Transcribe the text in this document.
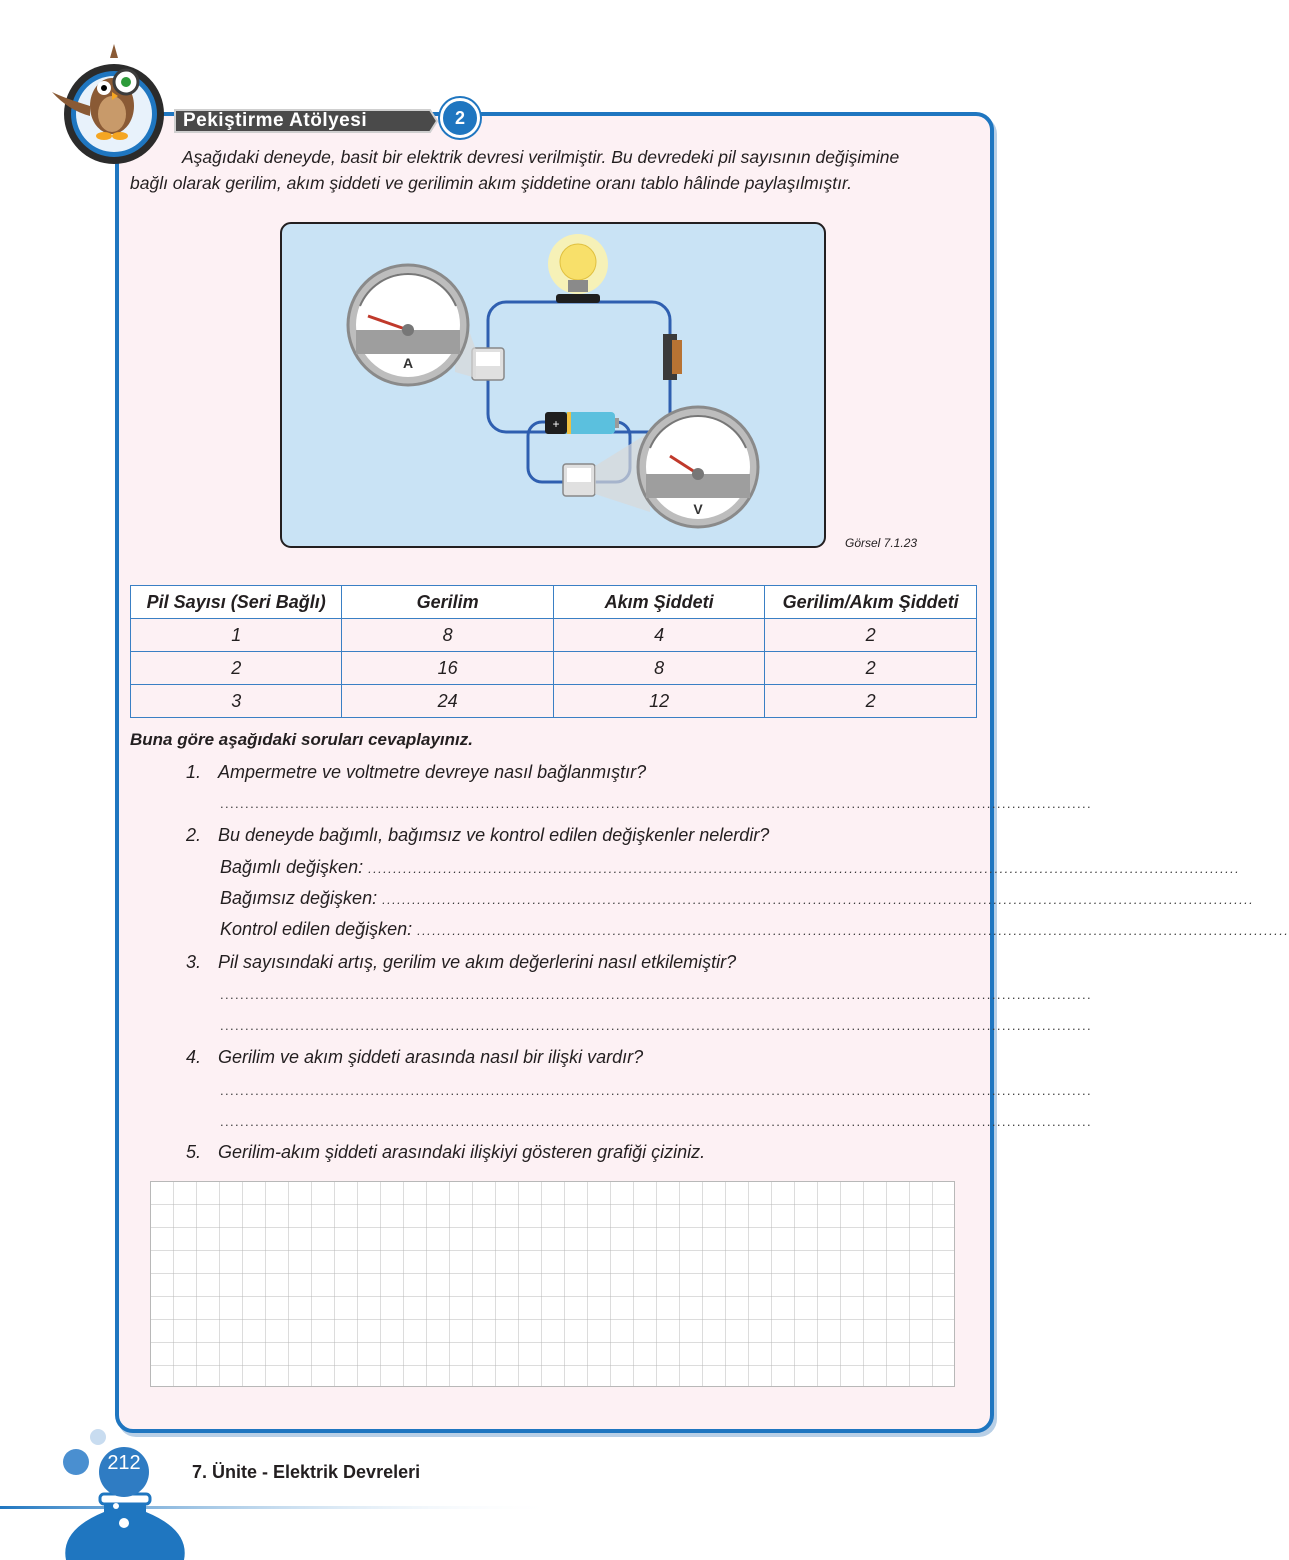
Pekiştirme Atölyesi	2
Aşağıdaki deneyde, basit bir elektrik devresi verilmiştir. Bu devredeki pil sayısının değişimine
bağlı olarak gerilim, akım şiddeti ve gerilimin akım şiddetine oranı tablo hâlinde paylaşılmıştır.
+
A
V
Görsel 7.1.23
Pil Sayısı (Seri Bağlı)	Gerilim	Akım Şiddeti	Gerilim/Akım Şiddeti
1	8	4	2
2	16	8	2
3	24	12	2
Buna göre aşağıdaki soruları cevaplayınız.
1. Ampermetre ve voltmetre devreye nasıl bağlanmıştır?
..............................................................................................................................................................................
2. Bu deneyde bağımlı, bağımsız ve kontrol edilen değişkenler nelerdir?
Bağımlı değişken:
..............................................................................................................................................................................
Bağımsız değişken:
..............................................................................................................................................................................
Kontrol edilen değişken:
..............................................................................................................................................................................
3. Pil sayısındaki artış, gerilim ve akım değerlerini nasıl etkilemiştir?
..............................................................................................................................................................................
..............................................................................................................................................................................
4. Gerilim ve akım şiddeti arasında nasıl bir ilişki vardır?
..............................................................................................................................................................................
..............................................................................................................................................................................
5. Gerilim-akım şiddeti arasındaki ilişkiyi gösteren grafiği çiziniz.
212	7. Ünite - Elektrik Devreleri
